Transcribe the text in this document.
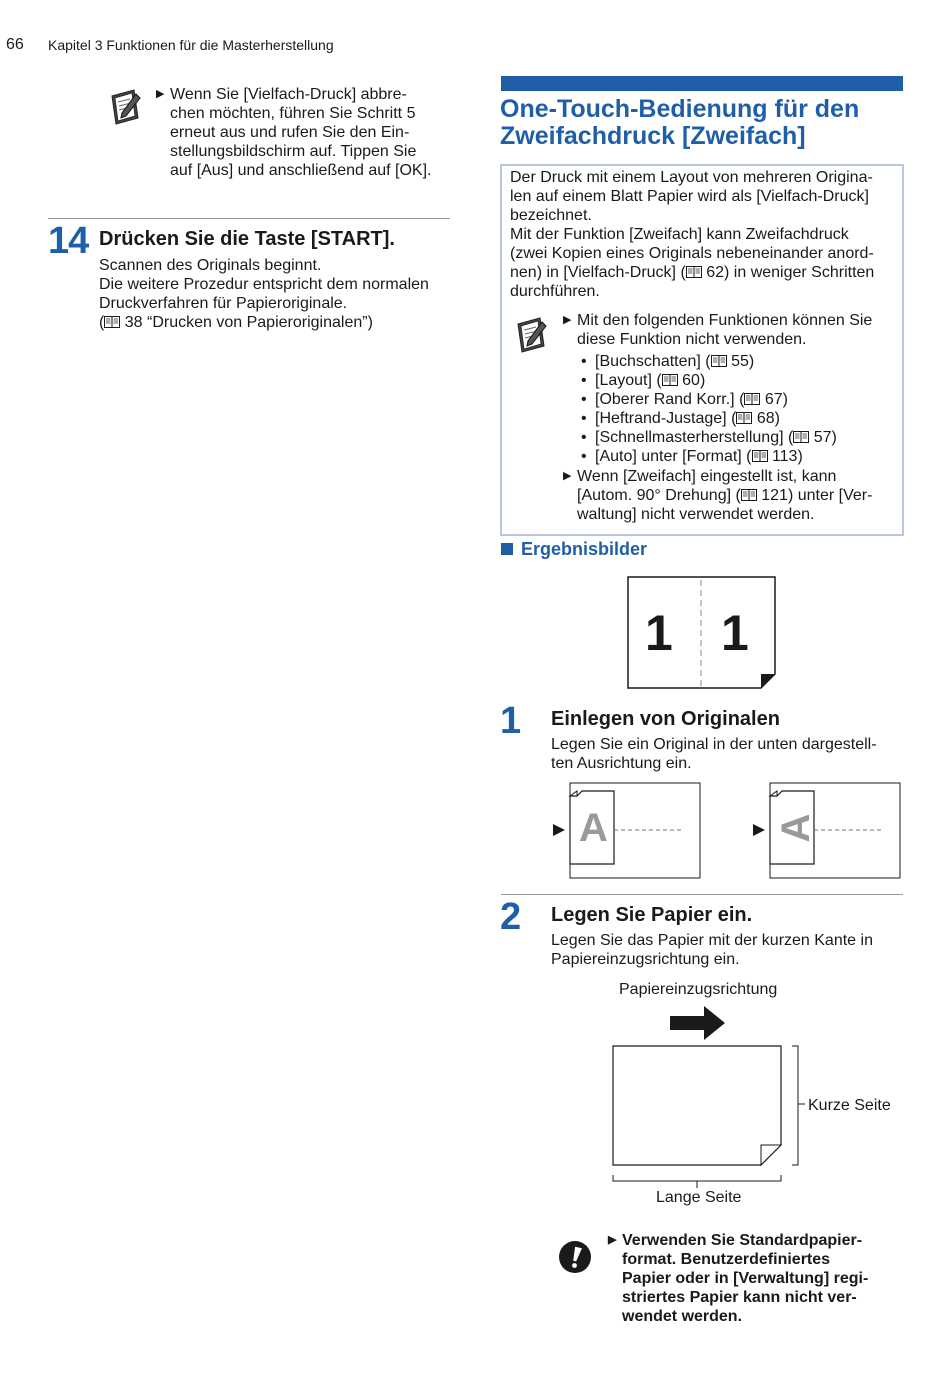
66 Kapitel 3 Funktionen für die Masterherstellung
▶ Wenn Sie [Vielfach-Druck] abbre-
chen möchten, führen Sie Schritt 5
erneut aus und rufen Sie den Ein-
stellungsbildschirm auf. Tippen Sie
auf [Aus] und anschließend auf [OK].
14 Drücken Sie die Taste [START].
Scannen des Originals beginnt.
Die weitere Prozedur entspricht dem normalen
Druckverfahren für Papieroriginale.
( 38 “Drucken von Papieroriginalen”)
One-Touch-Bedienung für den
Zweifachdruck [Zweifach]
Der Druck mit einem Layout von mehreren Origina-
len auf einem Blatt Papier wird als [Vielfach-Druck]
bezeichnet.
Mit der Funktion [Zweifach] kann Zweifachdruck
(zwei Kopien eines Originals nebeneinander anord-
nen) in [Vielfach-Druck] ( 62) in weniger Schritten
durchführen.
▶ Mit den folgenden Funktionen können Sie
diese Funktion nicht verwenden.
• [Buchschatten] ( 55)
• [Layout] ( 60)
• [Oberer Rand Korr.] ( 67)
• [Heftrand-Justage] ( 68)
• [Schnellmasterherstellung] ( 57)
• [Auto] unter [Format] ( 113)
▶ Wenn [Zweifach] eingestellt ist, kann
[Autom. 90° Drehung] ( 121) unter [Ver-
waltung] nicht verwendet werden.
Ergebnisbilder
1 1
1 Einlegen von Originalen
Legen Sie ein Original in der unten dargestell-
ten Ausrichtung ein.
A	A
2 Legen Sie Papier ein.
Legen Sie das Papier mit der kurzen Kante in
Papiereinzugsrichtung ein.
Papiereinzugsrichtung
Kurze Seite
Lange Seite
▶ Verwenden Sie Standardpapier-
format. Benutzerdefiniertes
Papier oder in [Verwaltung] regi-
striertes Papier kann nicht ver-
wendet werden.
